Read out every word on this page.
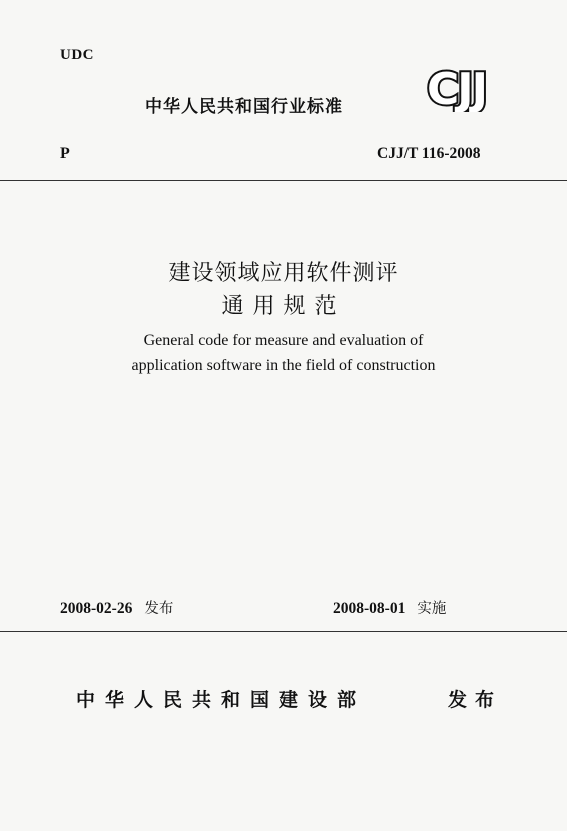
UDC
中华人民共和国行业标准 CJJ
P	CJJ/T 116-2008
建设领域应用软件测评
通用规范
General code for measure and evaluation of
application software in the field of construction
2008-02-26 发布	2008-08-01 实施
中华人民共和国建设部	发布
